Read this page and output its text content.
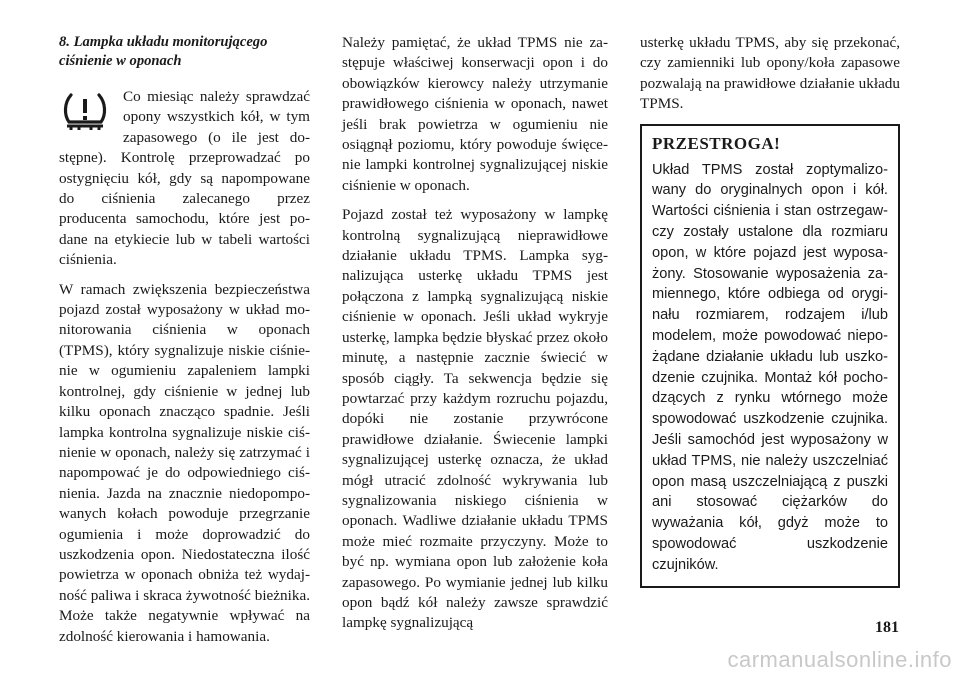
8. Lampka układu monitorującego
ciśnienie w oponach

Co miesiąc należy sprawdzać opony wszystkich kół, w tym zapasowego (o ile jest dostępne). Kontrolę przeprowadzać po ostygnięciu kół, gdy są napompowane do ciśnienia zalecanego przez producenta samochodu, które jest podane na etykiecie lub w tabeli wartości ciśnienia.

W ramach zwiększenia bezpieczeństwa pojazd został wyposażony w układ monitorowania ciśnienia w oponach (TPMS), który sygnalizuje niskie ciśnienie w ogumieniu zapaleniem lampki kontrolnej, gdy ciśnienie w jednej lub kilku oponach znacząco spadnie. Jeśli lampka kontrolna sygnalizuje niskie ciśnienie w oponach, należy się zatrzymać i napompować je do odpowiedniego ciśnienia. Jazda na znacznie niedopompowanych kołach powoduje przegrzanie ogumienia i może doprowadzić do uszkodzenia opon. Niedostateczna ilość powietrza w oponach obniża też wydajność paliwa i skraca żywotność bieżnika. Może także negatywnie wpływać na zdolność kierowania i hamowania.

Należy pamiętać, że układ TPMS nie zastępuje właściwej konserwacji opon i do obowiązków kierowcy należy utrzymanie prawidłowego ciśnienia w oponach, nawet jeśli brak powietrza w ogumieniu nie osiągnął poziomu, który powoduje święcenie lampki kontrolnej sygnalizującej niskie ciśnienie w oponach.

Pojazd został też wyposażony w lampkę kontrolną sygnalizującą nieprawidłowe działanie układu TPMS. Lampka sygnalizująca usterkę układu TPMS jest połączona z lampką sygnalizującą niskie ciśnienie w oponach. Jeśli układ wykryje usterkę, lampka będzie błyskać przez około minutę, a następnie zacznie świecić w sposób ciągły. Ta sekwencja będzie się powtarzać przy każdym rozruchu pojazdu, dopóki nie zostanie przywrócone prawidłowe działanie. Świecenie lampki sygnalizującej usterkę oznacza, że układ mógł utracić zdolność wykrywania lub sygnalizowania niskiego ciśnienia w oponach. Wadliwe działanie układu TPMS może mieć rozmaite przyczyny. Może to być np. wymiana opon lub założenie koła zapasowego. Po wymianie jednej lub kilku opon bądź kół należy zawsze sprawdzić lampkę sygnalizującą

usterkę układu TPMS, aby się przekonać, czy zamienniki lub opony/koła zapasowe pozwalają na prawidłowe działanie układu TPMS.

PRZESTROGA!
Układ TPMS został zoptymalizowany do oryginalnych opon i kół. Wartości ciśnienia i stan ostrzegawczy zostały ustalone dla rozmiaru opon, w które pojazd jest wyposażony. Stosowanie wyposażenia zamiennego, które odbiega od oryginału rozmiarem, rodzajem i/lub modelem, może powodować niepożądane działanie układu lub uszkodzenie czujnika. Montaż kół pochodzących z rynku wtórnego może spowodować uszkodzenie czujnika. Jeśli samochód jest wyposażony w układ TPMS, nie należy uszczelniać opon masą uszczelniającą z puszki ani stosować ciężarków do wyważania kół, gdyż może to spowodować uszkodzenie czujników.
181
carmanualsonline.info
